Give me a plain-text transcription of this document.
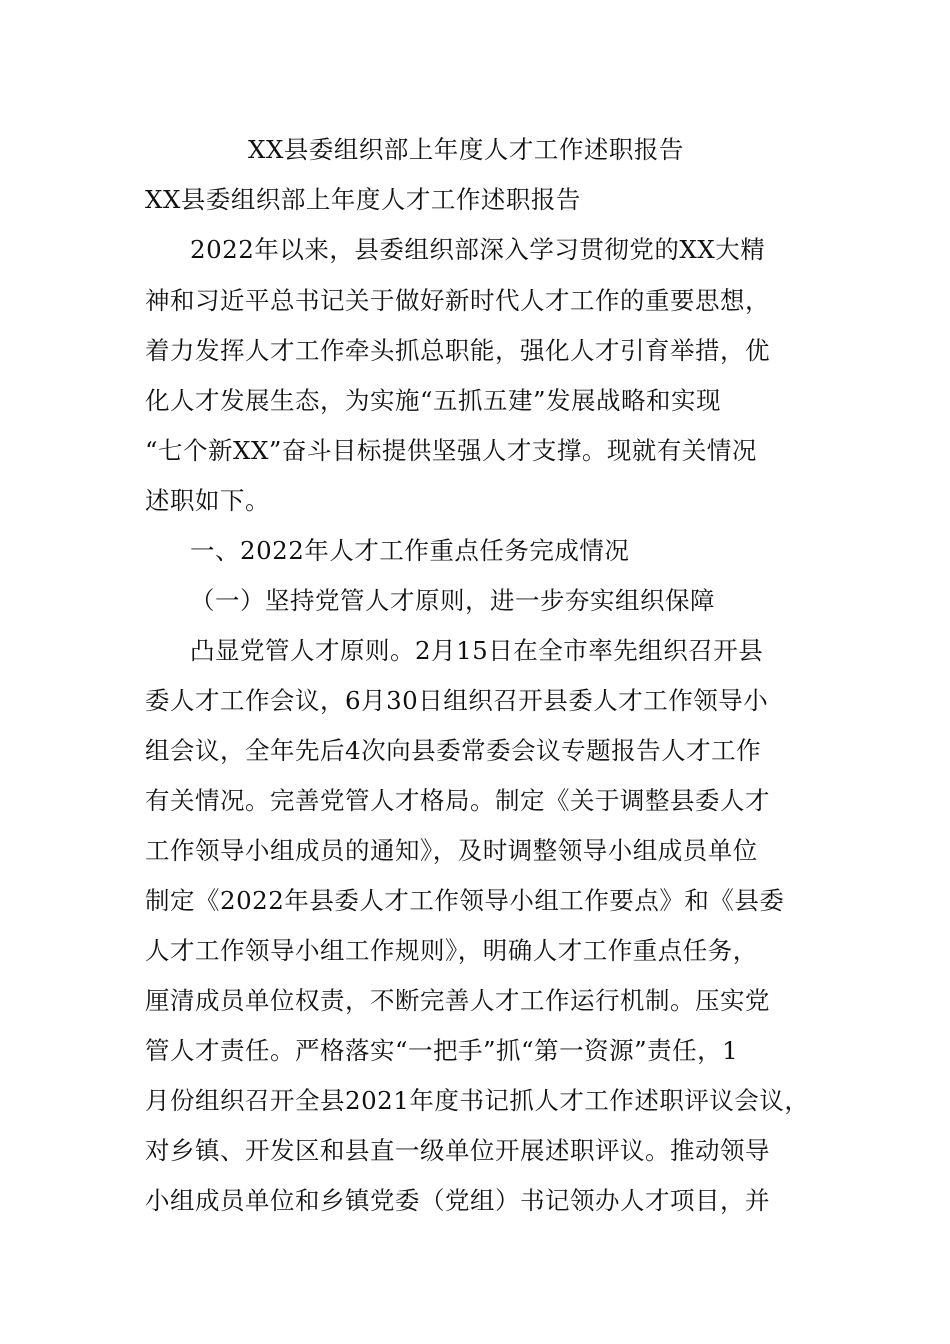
XX县委组织部上年度人才工作述职报告
XX县委组织部上年度人才工作述职报告
2022年以来，县委组织部深入学习贯彻党的XX大精
神和习近平总书记关于做好新时代人才工作的重要思想，
着力发挥人才工作牵头抓总职能，强化人才引育举措，优
化人才发展生态，为实施“五抓五建”发展战略和实现
“七个新XX”奋斗目标提供坚强人才支撑。现就有关情况
述职如下。
一、2022年人才工作重点任务完成情况
（一）坚持党管人才原则，进一步夯实组织保障
凸显党管人才原则。2月15日在全市率先组织召开县
委人才工作会议，6月30日组织召开县委人才工作领导小
组会议，全年先后4次向县委常委会议专题报告人才工作
有关情况。完善党管人才格局。制定《关于调整县委人才
工作领导小组成员的通知》，及时调整领导小组成员单位
制定《2022年县委人才工作领导小组工作要点》和《县委
人才工作领导小组工作规则》，明确人才工作重点任务，
厘清成员单位权责，不断完善人才工作运行机制。压实党
管人才责任。严格落实“一把手”抓“第一资源”责任，1
月份组织召开全县2021年度书记抓人才工作述职评议会议，
对乡镇、开发区和县直一级单位开展述职评议。推动领导
小组成员单位和乡镇党委（党组）书记领办人才项目，并
